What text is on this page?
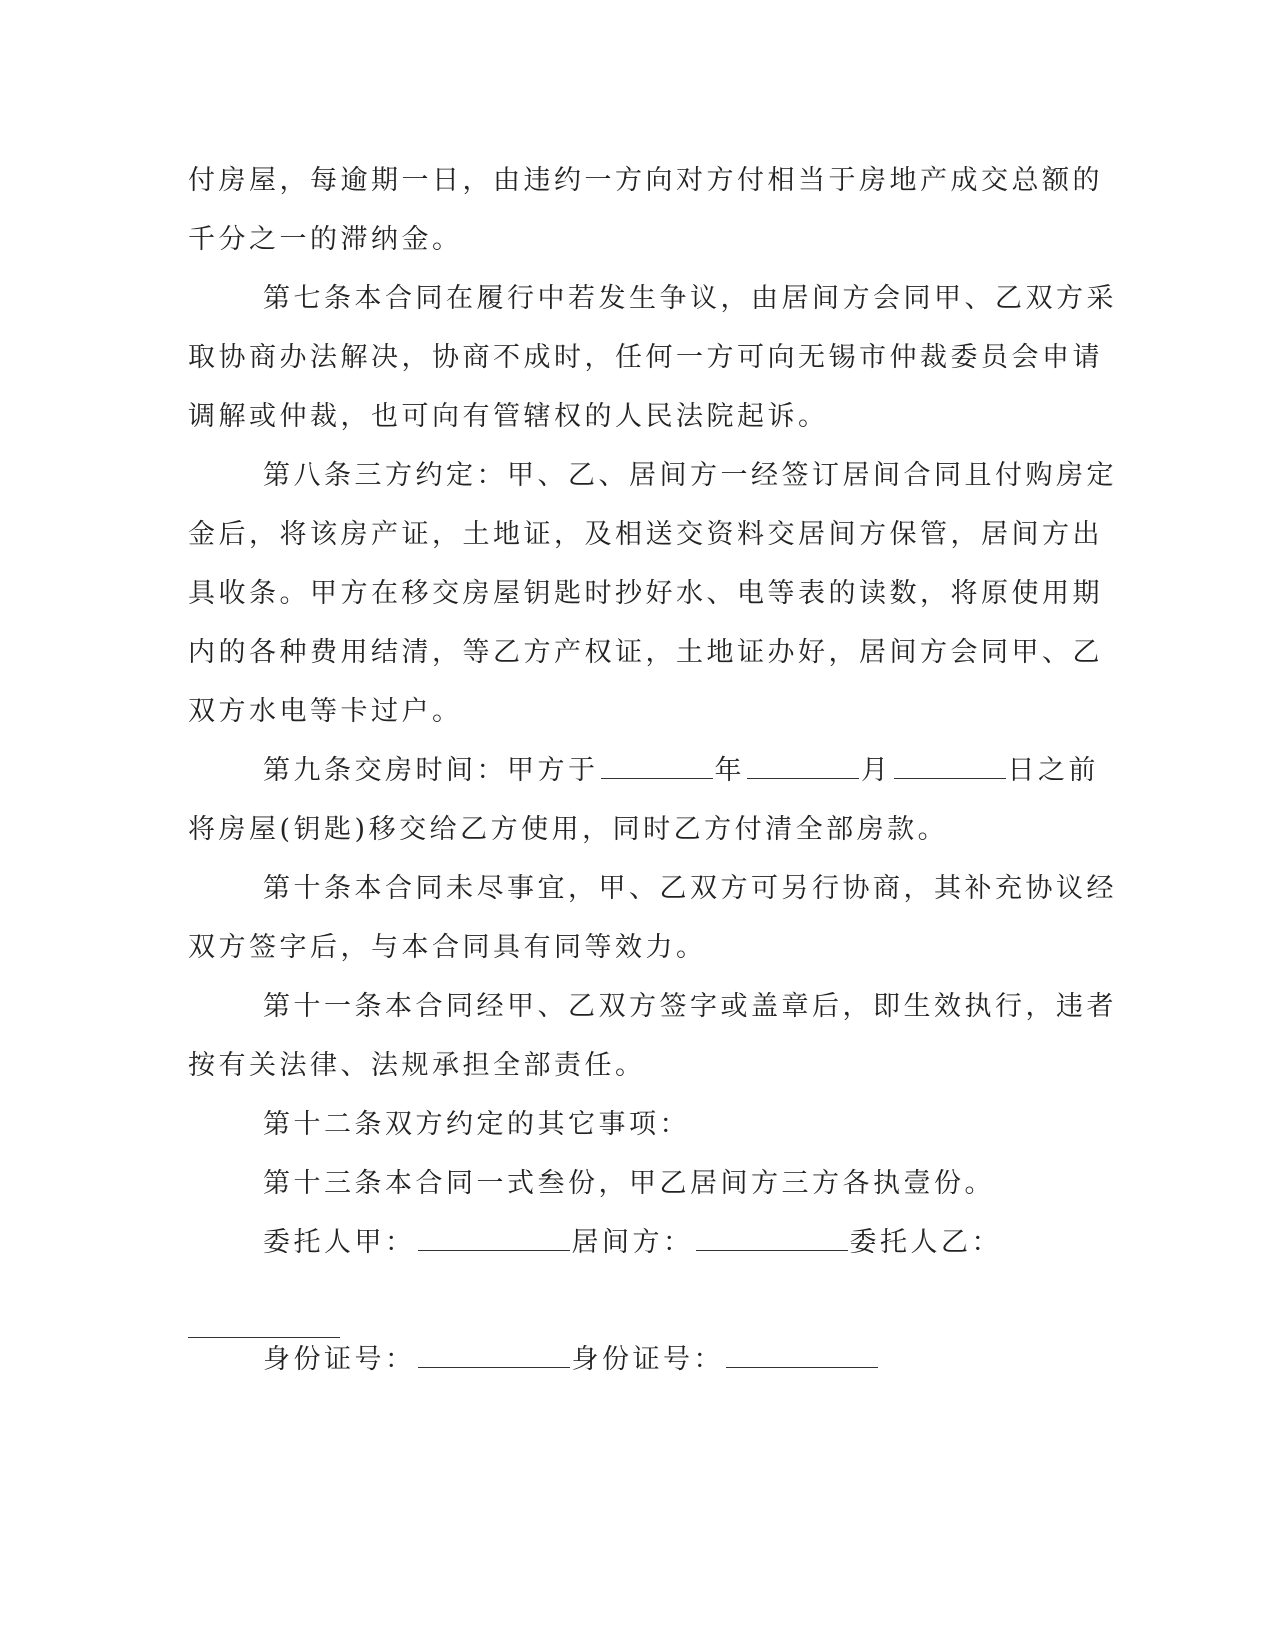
付房屋，每逾期一日，由违约一方向对方付相当于房地产成交总额的
千分之一的滞纳金。
第七条本合同在履行中若发生争议，由居间方会同甲、乙双方采
取协商办法解决，协商不成时，任何一方可向无锡市仲裁委员会申请
调解或仲裁，也可向有管辖权的人民法院起诉。
第八条三方约定：甲、乙、居间方一经签订居间合同且付购房定
金后，将该房产证，土地证，及相送交资料交居间方保管，居间方出
具收条。甲方在移交房屋钥匙时抄好水、电等表的读数，将原使用期
内的各种费用结清，等乙方产权证，土地证办好，居间方会同甲、乙
双方水电等卡过户。
第九条交房时间：甲方于	年	月	日之前
将房屋(钥匙)移交给乙方使用，同时乙方付清全部房款。
第十条本合同未尽事宜，甲、乙双方可另行协商，其补充协议经
双方签字后，与本合同具有同等效力。
第十一条本合同经甲、乙双方签字或盖章后，即生效执行，违者
按有关法律、法规承担全部责任。
第十二条双方约定的其它事项：
第十三条本合同一式叁份，甲乙居间方三方各执壹份。
委托人甲：	居间方：	委托人乙：
身份证号：	身份证号：
